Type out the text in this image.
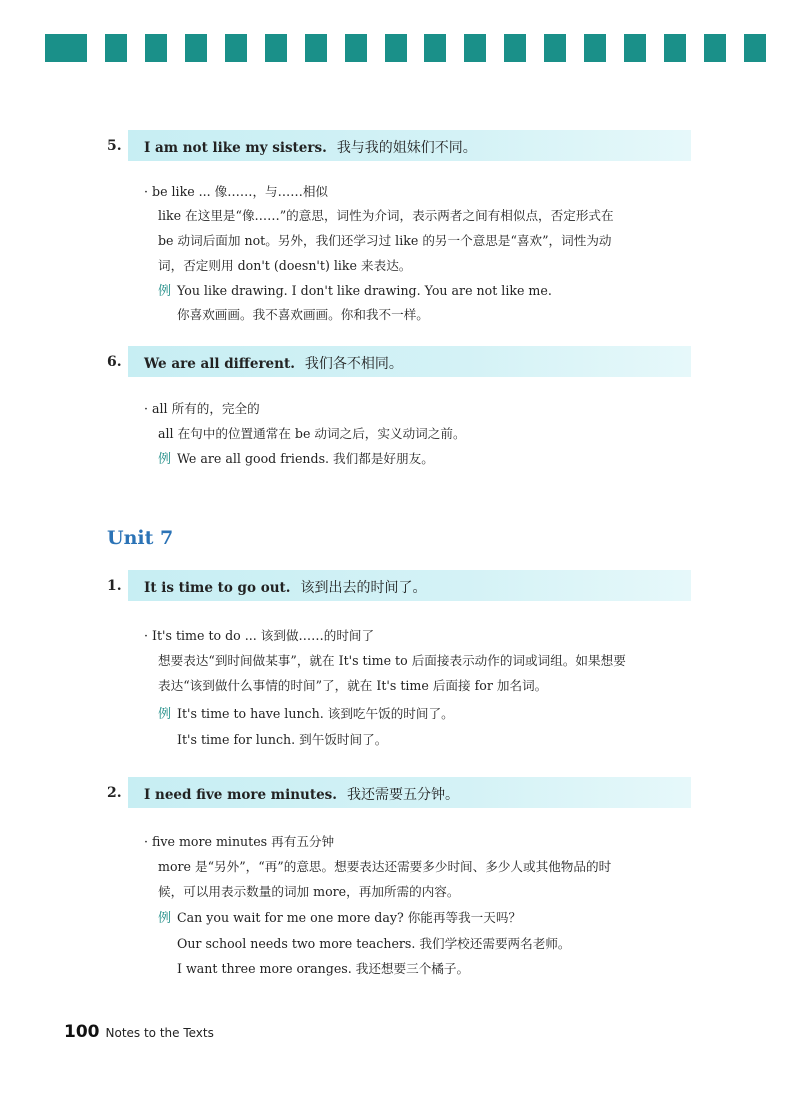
5. I am not like my sisters. 我与我的姐妹们不同。
· be like ... 像……，与……相似
like 在这里是“像……”的意思，词性为介词，表示两者之间有相似点，否定形式在
be 动词后面加 not。另外，我们还学习过 like 的另一个意思是“喜欢”，词性为动
词，否定则用 don't (doesn't) like 来表达。
例 You like drawing. I don't like drawing. You are not like me.
你喜欢画画。我不喜欢画画。你和我不一样。
6. We are all different. 我们各不相同。
· all 所有的，完全的
all 在句中的位置通常在 be 动词之后，实义动词之前。
例 We are all good friends. 我们都是好朋友。
Unit 7
1. It is time to go out. 该到出去的时间了。
· It's time to do ... 该到做……的时间了
想要表达“到时间做某事”，就在 It's time to 后面接表示动作的词或词组。如果想要
表达“该到做什么事情的时间”了，就在 It's time 后面接 for 加名词。
例 It's time to have lunch. 该到吃午饭的时间了。
It's time for lunch. 到午饭时间了。
2. I need five more minutes. 我还需要五分钟。
· five more minutes 再有五分钟
more 是“另外”，“再”的意思。想要表达还需要多少时间、多少人或其他物品的时
候，可以用表示数量的词加 more，再加所需的内容。
例 Can you wait for me one more day? 你能再等我一天吗？
Our school needs two more teachers. 我们学校还需要两名老师。
I want three more oranges. 我还想要三个橘子。
100 Notes to the Texts
